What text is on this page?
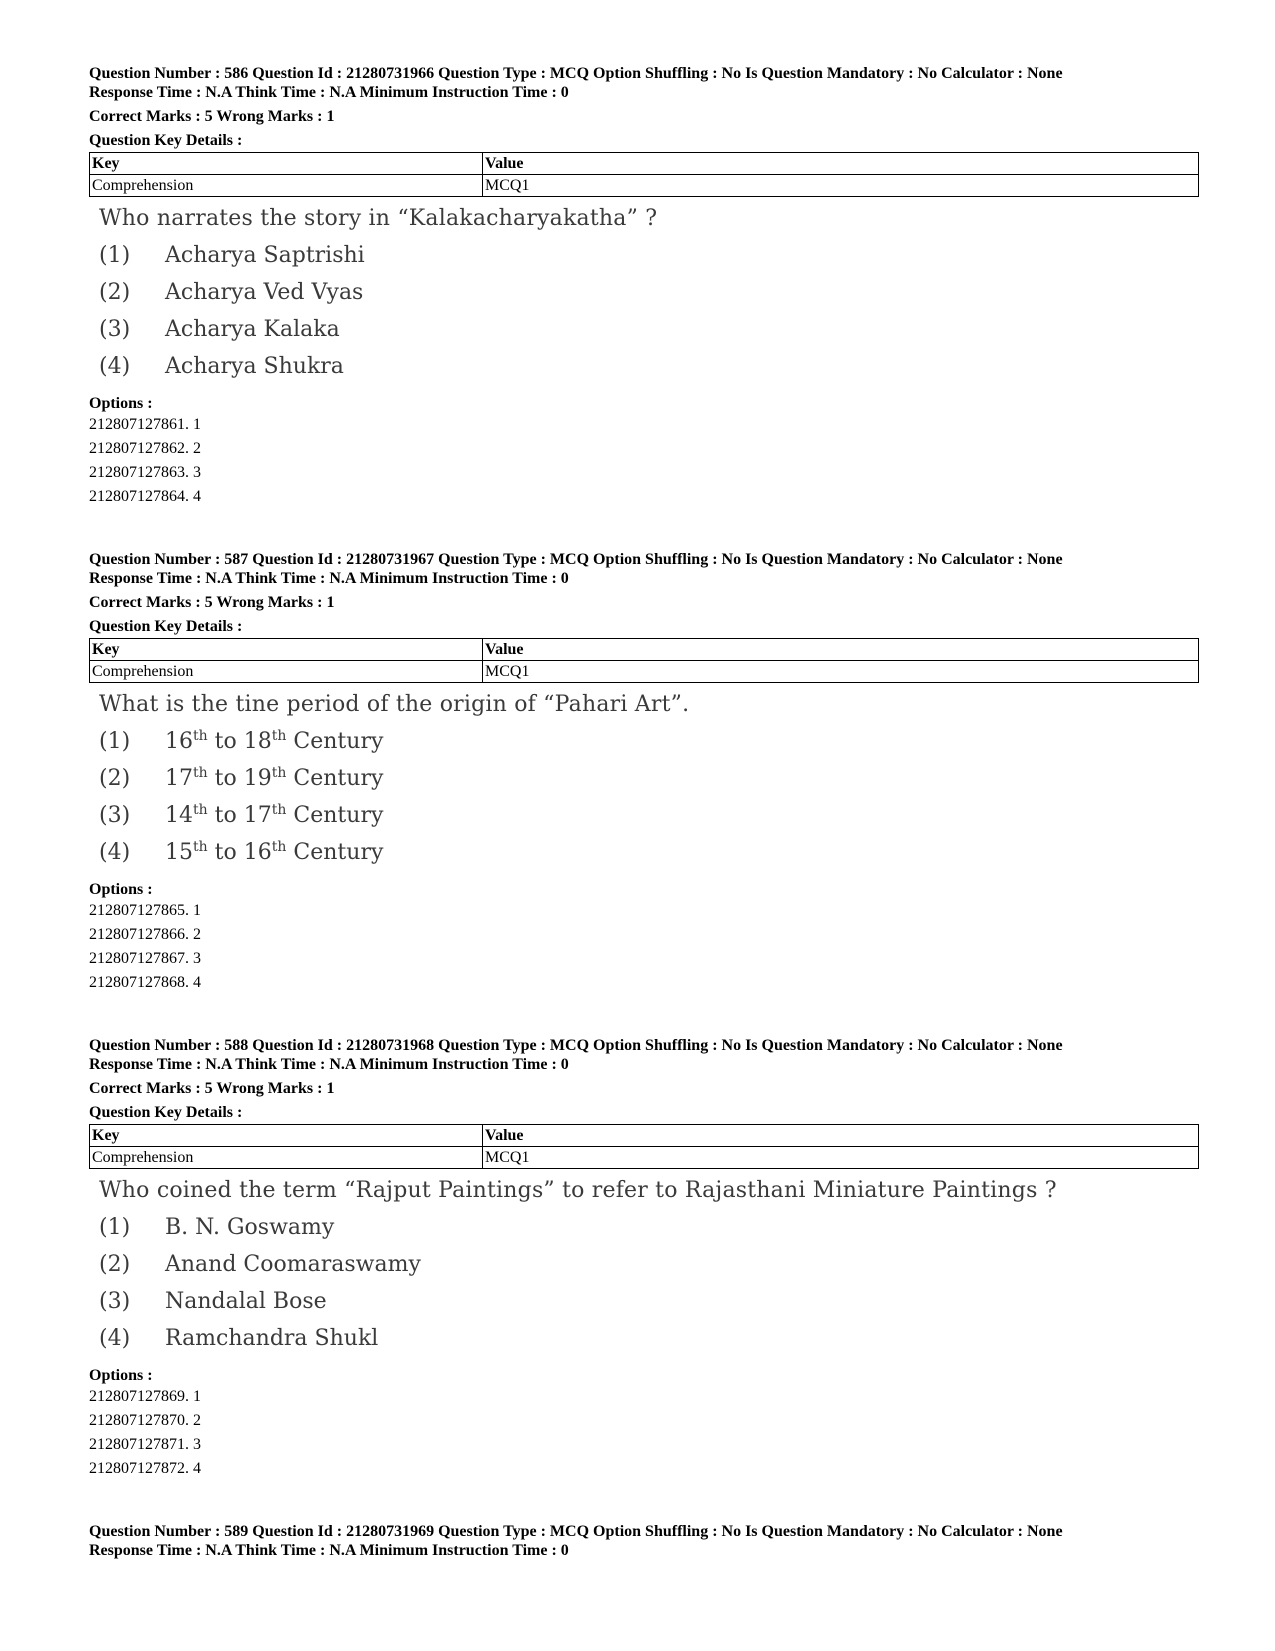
Question Number : 586 Question Id : 21280731966 Question Type : MCQ Option Shuffling : No Is Question Mandatory : No Calculator : None
Response Time : N.A Think Time : N.A Minimum Instruction Time : 0
Correct Marks : 5 Wrong Marks : 1
Question Key Details :
Key	Value
Comprehension	MCQ1
Who narrates the story in “Kalakacharyakatha” ?
(1)	Acharya Saptrishi
(2)	Acharya Ved Vyas
(3)	Acharya Kalaka
(4)	Acharya Shukra
Options :
212807127861. 1
212807127862. 2
212807127863. 3
212807127864. 4
Question Number : 587 Question Id : 21280731967 Question Type : MCQ Option Shuffling : No Is Question Mandatory : No Calculator : None
Response Time : N.A Think Time : N.A Minimum Instruction Time : 0
Correct Marks : 5 Wrong Marks : 1
Question Key Details :
Key	Value
Comprehension	MCQ1
What is the tine period of the origin of “Pahari Art”.
(1)	16th to 18th Century
(2)	17th to 19th Century
(3)	14th to 17th Century
(4)	15th to 16th Century
Options :
212807127865. 1
212807127866. 2
212807127867. 3
212807127868. 4
Question Number : 588 Question Id : 21280731968 Question Type : MCQ Option Shuffling : No Is Question Mandatory : No Calculator : None
Response Time : N.A Think Time : N.A Minimum Instruction Time : 0
Correct Marks : 5 Wrong Marks : 1
Question Key Details :
Key	Value
Comprehension	MCQ1
Who coined the term “Rajput Paintings” to refer to Rajasthani Miniature Paintings ?
(1)	B. N. Goswamy
(2)	Anand Coomaraswamy
(3)	Nandalal Bose
(4)	Ramchandra Shukl
Options :
212807127869. 1
212807127870. 2
212807127871. 3
212807127872. 4
Question Number : 589 Question Id : 21280731969 Question Type : MCQ Option Shuffling : No Is Question Mandatory : No Calculator : None
Response Time : N.A Think Time : N.A Minimum Instruction Time : 0
